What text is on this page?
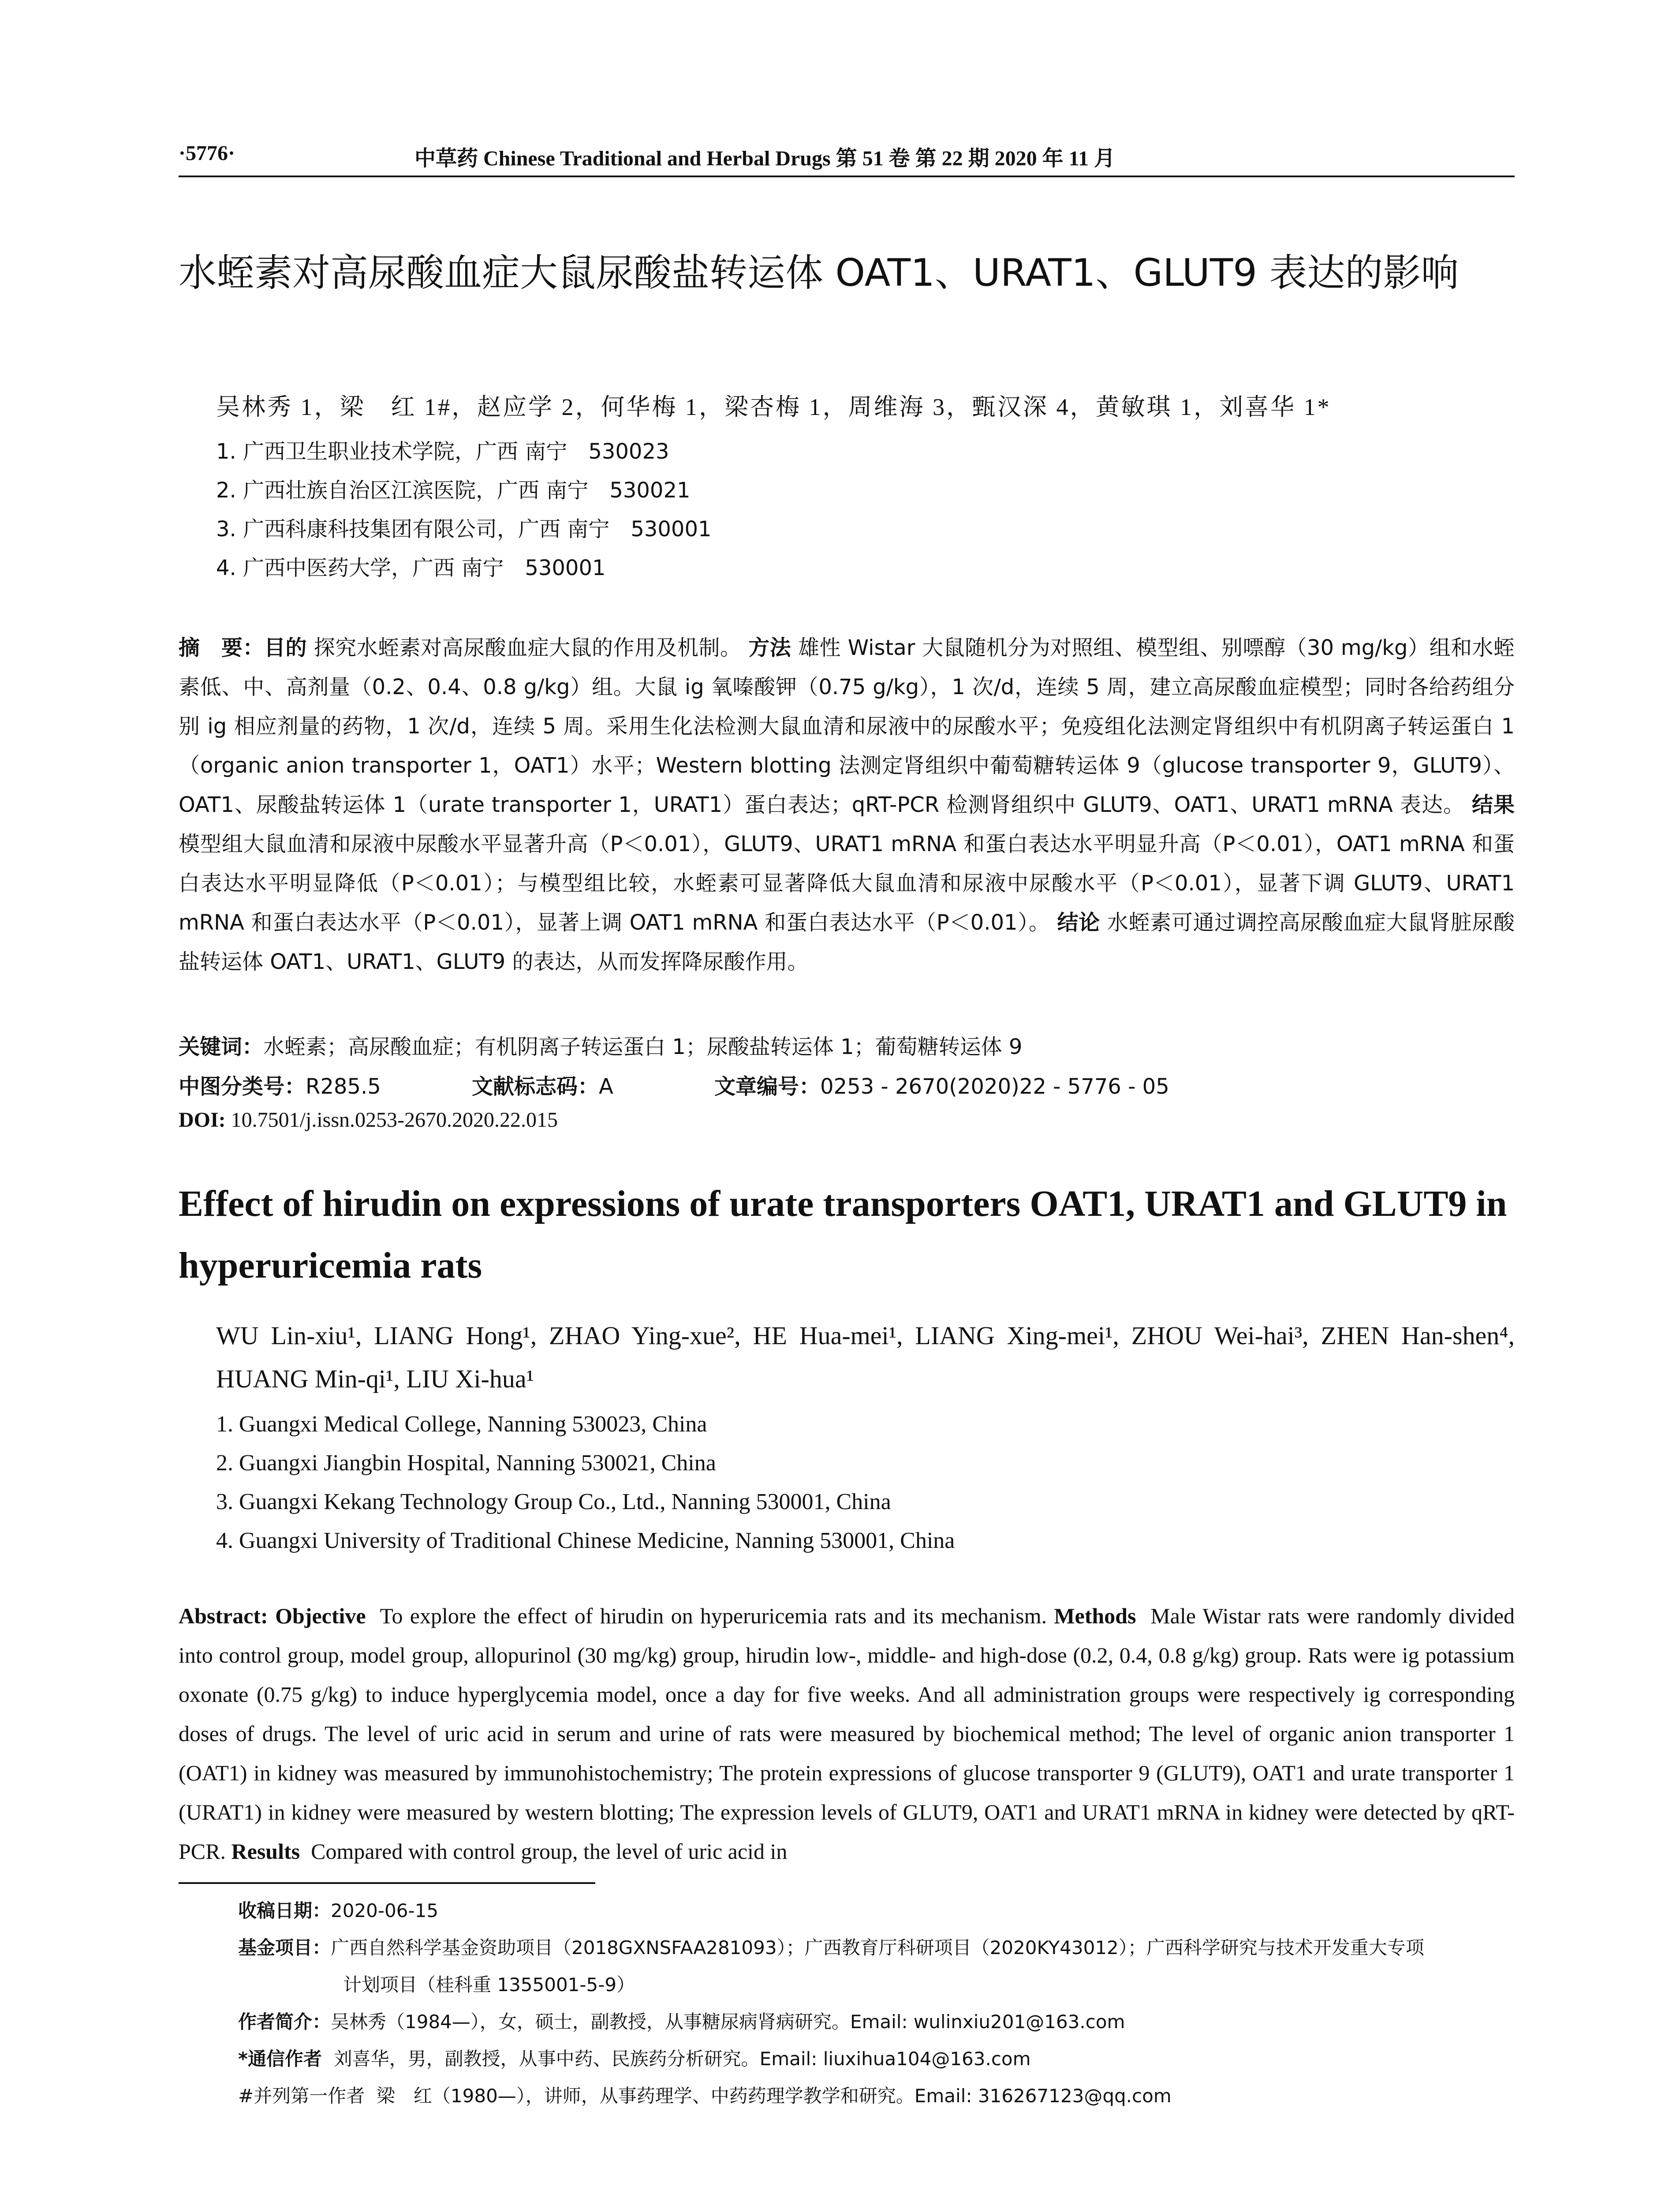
·5776·	中草药 Chinese Traditional and Herbal Drugs 第 51 卷 第 22 期 2020 年 11 月
水蛭素对高尿酸血症大鼠尿酸盐转运体 OAT1、URAT1、GLUT9 表达的影响
吴林秀 1，梁　红 1#，赵应学 2，何华梅 1，梁杏梅 1，周维海 3，甄汉深 4，黄敏琪 1，刘喜华 1*
1. 广西卫生职业技术学院，广西 南宁　530023
2. 广西壮族自治区江滨医院，广西 南宁　530021
3. 广西科康科技集团有限公司，广西 南宁　530001
4. 广西中医药大学，广西 南宁　530001
摘　要：目的 探究水蛭素对高尿酸血症大鼠的作用及机制。 方法 雄性 Wistar 大鼠随机分为对照组、模型组、别嘌醇（30 mg/kg）组和水蛭素低、中、高剂量（0.2、0.4、0.8 g/kg）组。大鼠 ig 氧嗪酸钾（0.75 g/kg），1 次/d，连续 5 周，建立高尿酸血症模型；同时各给药组分别 ig 相应剂量的药物，1 次/d，连续 5 周。采用生化法检测大鼠血清和尿液中的尿酸水平；免疫组化法测定肾组织中有机阴离子转运蛋白 1（organic anion transporter 1，OAT1）水平；Western blotting 法测定肾组织中葡萄糖转运体 9（glucose transporter 9，GLUT9）、OAT1、尿酸盐转运体 1（urate transporter 1，URAT1）蛋白表达；qRT-PCR 检测肾组织中 GLUT9、OAT1、URAT1 mRNA 表达。 结果 模型组大鼠血清和尿液中尿酸水平显著升高（P＜0.01），GLUT9、URAT1 mRNA 和蛋白表达水平明显升高（P＜0.01），OAT1 mRNA 和蛋白表达水平明显降低（P＜0.01）；与模型组比较，水蛭素可显著降低大鼠血清和尿液中尿酸水平（P＜0.01），显著下调 GLUT9、URAT1 mRNA 和蛋白表达水平（P＜0.01），显著上调 OAT1 mRNA 和蛋白表达水平（P＜0.01）。 结论 水蛭素可通过调控高尿酸血症大鼠肾脏尿酸盐转运体 OAT1、URAT1、GLUT9 的表达，从而发挥降尿酸作用。
关键词：水蛭素；高尿酸血症；有机阴离子转运蛋白 1；尿酸盐转运体 1；葡萄糖转运体 9
中图分类号：R285.5	文献标志码：A	文章编号：0253 - 2670(2020)22 - 5776 - 05
DOI: 10.7501/j.issn.0253-2670.2020.22.015
Effect of hirudin on expressions of urate transporters OAT1, URAT1 and GLUT9 in hyperuricemia rats
WU Lin-xiu¹, LIANG Hong¹, ZHAO Ying-xue², HE Hua-mei¹, LIANG Xing-mei¹, ZHOU Wei-hai³, ZHEN Han-shen⁴, HUANG Min-qi¹, LIU Xi-hua¹
1. Guangxi Medical College, Nanning 530023, China
2. Guangxi Jiangbin Hospital, Nanning 530021, China
3. Guangxi Kekang Technology Group Co., Ltd., Nanning 530001, China
4. Guangxi University of Traditional Chinese Medicine, Nanning 530001, China
Abstract: Objective To explore the effect of hirudin on hyperuricemia rats and its mechanism. Methods Male Wistar rats were randomly divided into control group, model group, allopurinol (30 mg/kg) group, hirudin low-, middle- and high-dose (0.2, 0.4, 0.8 g/kg) group. Rats were ig potassium oxonate (0.75 g/kg) to induce hyperglycemia model, once a day for five weeks. And all administration groups were respectively ig corresponding doses of drugs. The level of uric acid in serum and urine of rats were measured by biochemical method; The level of organic anion transporter 1 (OAT1) in kidney was measured by immunohistochemistry; The protein expressions of glucose transporter 9 (GLUT9), OAT1 and urate transporter 1 (URAT1) in kidney were measured by western blotting; The expression levels of GLUT9, OAT1 and URAT1 mRNA in kidney were detected by qRT-PCR. Results Compared with control group, the level of uric acid in
收稿日期：2020-06-15
基金项目：广西自然科学基金资助项目（2018GXNSFAA281093）；广西教育厅科研项目（2020KY43012）；广西科学研究与技术开发重大专项
计划项目（桂科重 1355001-5-9）
作者简介：吴林秀（1984—），女，硕士，副教授，从事糖尿病肾病研究。Email: wulinxiu201@163.com
*通信作者 刘喜华，男，副教授，从事中药、民族药分析研究。Email: liuxihua104@163.com
#并列第一作者 梁　红（1980—），讲师，从事药理学、中药药理学教学和研究。Email: 316267123@qq.com
